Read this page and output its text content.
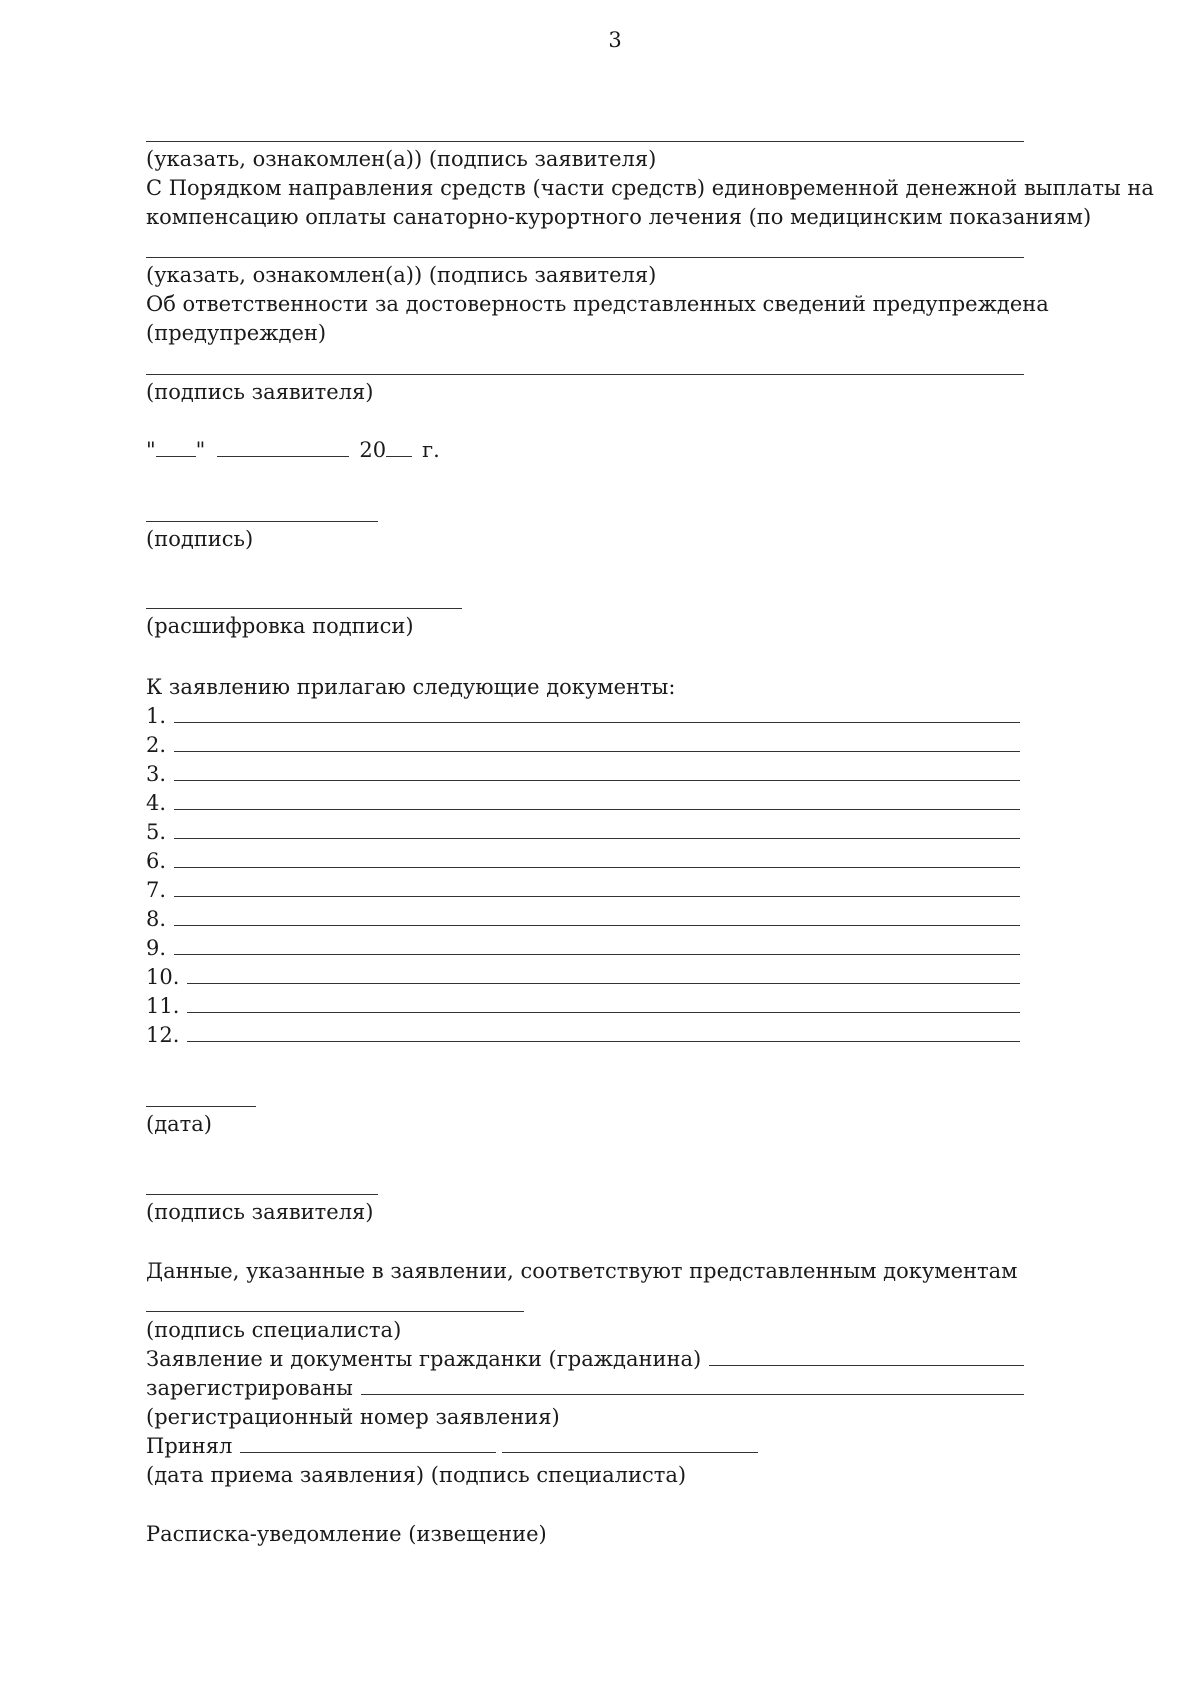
3
(указать, ознакомлен(а)) (подпись заявителя)
С Порядком направления средств (части средств) единовременной денежной выплаты на
компенсацию оплаты санаторно-курортного лечения (по медицинским показаниям)
(указать, ознакомлен(а)) (подпись заявителя)
Об ответственности за достоверность представленных сведений предупреждена
(предупрежден)
(подпись заявителя)
" "	20 г.
(подпись)
(расшифровка подписи)
К заявлению прилагаю следующие документы:
1.
2.
3.
4.
5.
6.
7.
8.
9.
10.
11.
12.
(дата)
(подпись заявителя)
Данные, указанные в заявлении, соответствуют представленным документам
(подпись специалиста)
Заявление и документы гражданки (гражданина)
зарегистрированы
(регистрационный номер заявления)
Принял
(дата приема заявления) (подпись специалиста)
Расписка-уведомление (извещение)
